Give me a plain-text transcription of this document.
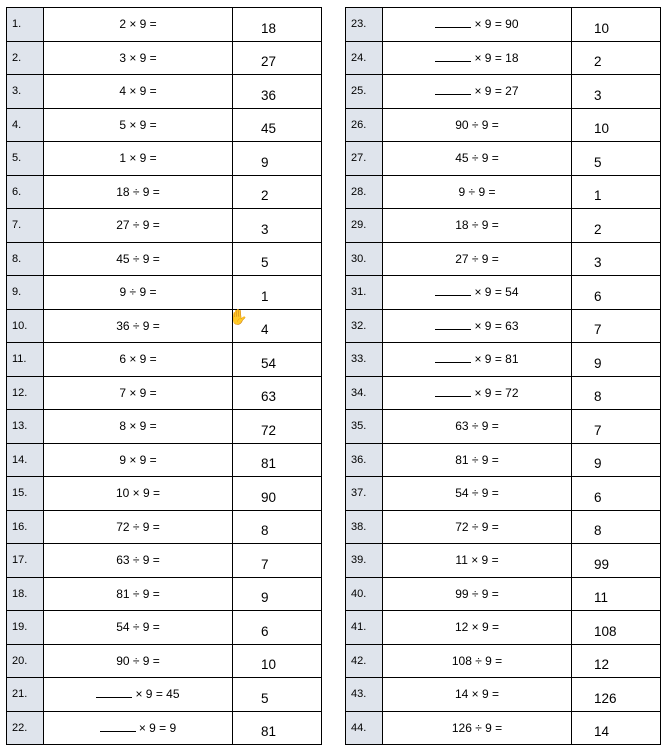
1.	2 × 9 =	18
2.	3 × 9 =	27
3.	4 × 9 =	36
4.	5 × 9 =	45
5.	1 × 9 =	9
6.	18 ÷ 9 =	2
7.	27 ÷ 9 =	3
8.	45 ÷ 9 =	5
9.	9 ÷ 9 =	1
10.	36 ÷ 9 =	4
11.	6 × 9 =	54
12.	7 × 9 =	63
13.	8 × 9 =	72
14.	9 × 9 =	81
15.	10 × 9 =	90
16.	72 ÷ 9 =	8
17.	63 ÷ 9 =	7
18.	81 ÷ 9 =	9
19.	54 ÷ 9 =	6
20.	90 ÷ 9 =	10
21.	× 9 = 45	5
22.	× 9 = 9	81
23.	× 9 = 90	10
24.	× 9 = 18	2
25.	× 9 = 27	3
26.	90 ÷ 9 =	10
27.	45 ÷ 9 =	5
28.	9 ÷ 9 =	1
29.	18 ÷ 9 =	2
30.	27 ÷ 9 =	3
31.	× 9 = 54	6
32.	× 9 = 63	7
33.	× 9 = 81	9
34.	× 9 = 72	8
35.	63 ÷ 9 =	7
36.	81 ÷ 9 =	9
37.	54 ÷ 9 =	6
38.	72 ÷ 9 =	8
39.	11 × 9 =	99
40.	99 ÷ 9 =	11
41.	12 × 9 =	108
42.	108 ÷ 9 =	12
43.	14 × 9 =	126
44.	126 ÷ 9 =	14
✋
